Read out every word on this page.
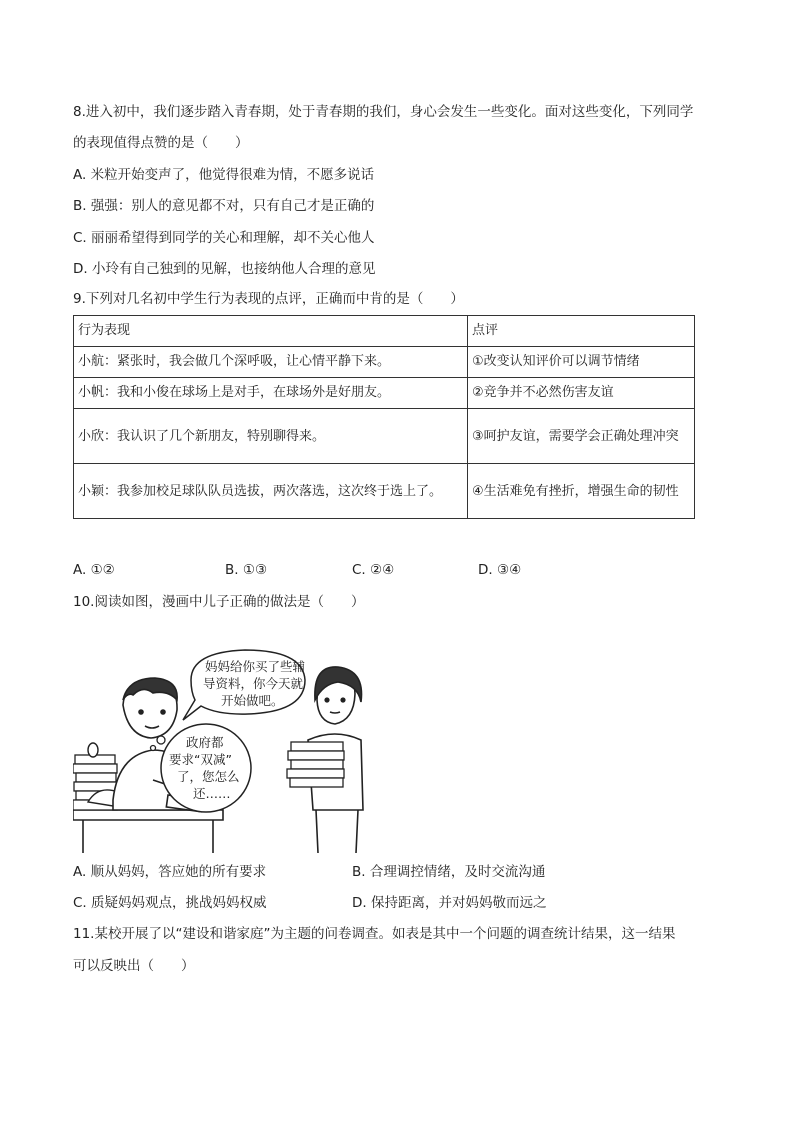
8.进入初中，我们逐步踏入青春期，处于青春期的我们，身心会发生一些变化。面对这些变化，下列同学
的表现值得点赞的是（　　）
A. 米粒开始变声了，他觉得很难为情，不愿多说话
B. 强强：别人的意见都不对，只有自己才是正确的
C. 丽丽希望得到同学的关心和理解，却不关心他人
D. 小玲有自己独到的见解，也接纳他人合理的意见
9.下列对几名初中学生行为表现的点评，正确而中肯的是（　　）
行为表现	点评
小航：紧张时，我会做几个深呼吸，让心情平静下来。	①改变认知评价可以调节情绪
小帆：我和小俊在球场上是对手，在球场外是好朋友。	②竞争并不必然伤害友谊
小欣：我认识了几个新朋友，特别聊得来。	③呵护友谊，需要学会正确处理冲突
小颖：我参加校足球队队员选拔，两次落选，这次终于选上了。	④生活难免有挫折，增强生命的韧性
A. ①②	B. ①③	C. ②④	D. ③④
10.阅读如图，漫画中儿子正确的做法是（　　）
妈妈给你买了些辅
导资料，你今天就
开始做吧。
政府都
要求“双减”
了，您怎么
还……
A. 顺从妈妈，答应她的所有要求	B. 合理调控情绪，及时交流沟通
C. 质疑妈妈观点，挑战妈妈权威	D. 保持距离，并对妈妈敬而远之
11.某校开展了以“建设和谐家庭”为主题的问卷调查。如表是其中一个问题的调查统计结果，这一结果
可以反映出（　　）
